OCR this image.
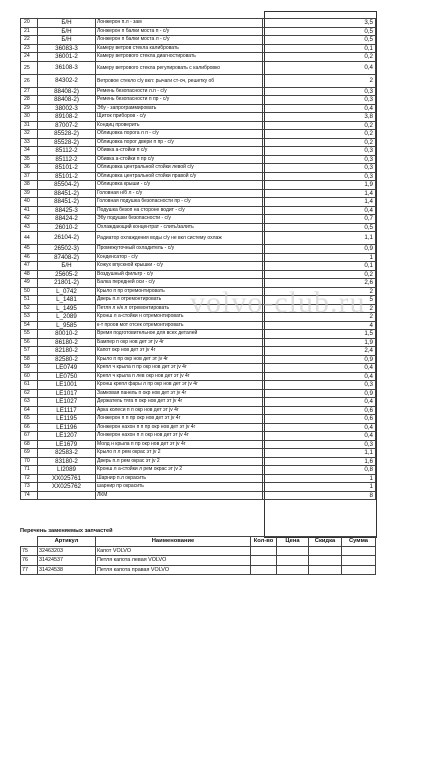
20	Б/Н	Лонжерон п.л - зам	3,5
21	Б/Н	Лонжерон п балки моста п - с/у	0,5
22	Б/Н	Лонжерон п балки моста л - с/у	0,5
23	36083-3	Камеру ветров стекла калибровать	0,1
24	36001-2	Камеру ветрового стекла диагностировать	0,2
25	36108-3	Камеру ветрового стекла регулировать с калибровко	0,4
26	84302-2	Ветровое стекло с/у вкл: рычаги ст-оч, решетку об	2
27	88408-2)	Ремень безопасности л.п - с/у	0,3
28	88408-2)	Ремень безопасности п пр - с/у	0,3
29	38002-3	Эбу - запрограммировать	0,4
30	89108-2	Щиток приборов - с/у	3,8
31	87007-2	Кондиц проверить	0,2
32	85528-2)	Облицовка порога л п - с/у	0,2
33	85528-2)	Облицовка порог двери п пр - с/у	0,2
34	85112-2	Обивка а-стойки п с/у	0,3
35	85112-2	Обивка а-стойки п пр с/у	0,3
36	85101-2	Облицовка центральной стойки левой с/у	0,3
37	85101-2	Облицовка центральной стойки правой с/у	0,3
38	85504-2)	Облицовка крыши - с/у	1,9
39	88451-2)	Головная н/б л - с/у	1,4
40	88451-2)	Головная подушка безопасности пр - с/у	1,4
41	88425-3	Подушка безоп на стороне водит - с/у	0,4
42	88424-2	Эбу подушки безопасности - с/у	0,7
43	26010-2	Охлаждающий концентрат - слить/залить	0,5
44	26104-2)	Радиатор охлаждения воды с/у не вкл систему охлаж	1,1
45	26502-3)	Промежуточный охладитель - с/у	0,9
46	87408-2)	Конденсатор - с/у	1
47	Б/Н	Кожух впускной крышки - с/у	0,1
48	25605-2	Воздушный фильтр - с/у	0,2
49	21801-2)	Балка передней оси - с/у	2,6
50	L_0742	Крыло п пр отремонтировать	2
51	L_1481	Дверь п.л отремонтировать	5
52	L_1495	Петля л н/к л отремонтировать	2
53	L_2089	Кронш л а-стойки н отремонтировать	2
54	L_9585	к-т проов мот отсек отремонтировать	4
55	80010-2	Время подготовительное для всех деталей	1,5
56	86180-2	Бампер п окр нов дет эт jv 4г	1,9
57	82180-2	Капот окр нов дет эт jv 4г	2,4
58	82580-2	Крыло п пр окр нов дет эт jv 4г	0,9
59	LE0749	Крепл ч крыла п пр окр нов дет эт jv 4г	0,4
60	LE0750	Крепл ч крыла п лев окр нов дет эт jv 4г	0,4
61	LE1001	Кронш крепл фары л пр окр нов дет эт jv 4г	0,3
62	LE1017	Замковая панель п окр нов дет эт jv 4г	0,9
63	LE1027	Держатель тяга п окр нов дет эт jv 4г	0,4
64	LE1117	Арка колеси п п окр нов дет эт jv 4г	0,6
65	LE1195	Лонжерон п п пр окр нов дет эт jv 4г	0,6
66	LE1196	Лонжерон нахон п п пр окр нов дет эт jv 4г	0,4
67	LE1207	Лонжерон нахон п л окр нов дет эт jv 4г	0,4
68	LE1679	Молд н крыла п пр окр нов дет эт jv 4г	0,3
69	82583-2	Крыло п л рем окрас эт jv 2	1,1
70	83180-2	Дверь п.л рем окрас эт jv 2	1,6
71	LI2089	Кронш л а-стойки л рем окрас эт jv 2	0,8
72	XX025761	Шарнир п.л окрасить	1
73	XX025762	шарнир пр окрасить	1
74		ЛКМ	8
Перечень заменяемых запчастей
	Артикул	Наименование	Кол-во	Цена	Скидка	Сумма
75	32463203	Капот VOLVO				
76	31424537	Петля капота левая VOLVO				
77	31424538	Петля капота правая VOLVO				
volvo-club.ru
